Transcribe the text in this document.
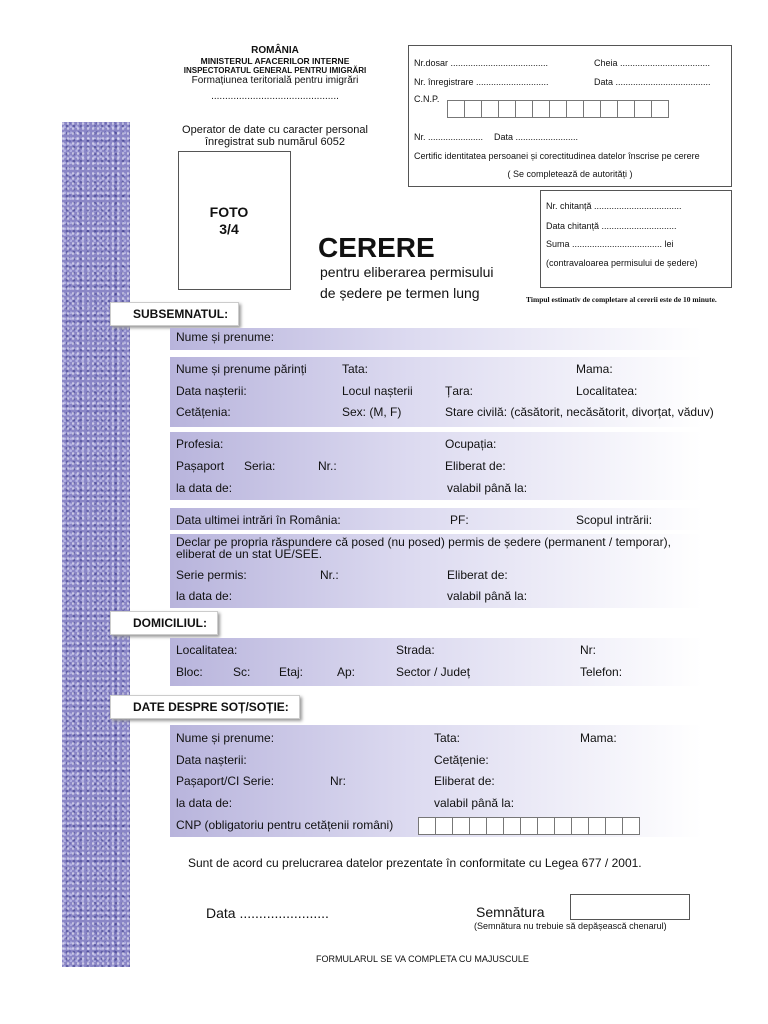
ROMÂNIA
MINISTERUL AFACERILOR INTERNE
INSPECTORATUL GENERAL PENTRU IMIGRĂRI
Formațiunea teritorială pentru imigrări
..............................................
Operator de date cu caracter personal
înregistrat sub numărul 6052
Nr.dosar .......................................	Cheia ....................................
Nr. înregistrare .............................	Data ......................................
C.N.P.
Nr. ...................... Data .........................
Certific identitatea persoanei și corectitudinea datelor înscrise pe cerere
( Se completează de autorități )
Nr. chitanță ...................................
Data chitanță ..............................
Suma .................................... lei
(contravaloarea permisului de ședere)
FOTO
3/4
CERERE
pentru eliberarea permisului
de ședere pe termen lung	Timpul estimativ de completare al cererii este de 10 minute.
SUBSEMNATUL:
Nume și prenume:
Nume și prenume părinți	Tata:	Mama:
Data nașterii:	Locul nașterii	Țara:	Localitatea:
Cetățenia:	Sex: (M, F)	Stare civilă: (căsătorit, necăsătorit, divorțat, văduv)
Profesia:	Ocupația:
Pașaport Seria:	Nr.:	Eliberat de:
la data de:	valabil până la:
Data ultimei intrări în România:	PF:	Scopul intrării:
Declar pe propria răspundere că posed (nu posed) permis de ședere (permanent / temporar),
eliberat de un stat UE/SEE.
Serie permis:	Nr.:	Eliberat de:
la data de:	valabil până la:
DOMICILIUL:
Localitatea:	Strada:	Nr:
Bloc:	Sc: Etaj:	Ap:	Sector / Județ	Telefon:
DATE DESPRE SOȚ/SOȚIE:
Nume și prenume:	Tata:	Mama:
Data nașterii:	Cetățenie:
Pașaport/CI Serie:	Nr:	Eliberat de:
la data de:	valabil până la:
CNP (obligatoriu pentru cetățenii români)
Sunt de acord cu prelucrarea datelor prezentate în conformitate cu Legea 677 / 2001.
Data .......................	Semnătura
(Semnătura nu trebuie să depășească chenarul)
FORMULARUL SE VA COMPLETA CU MAJUSCULE
